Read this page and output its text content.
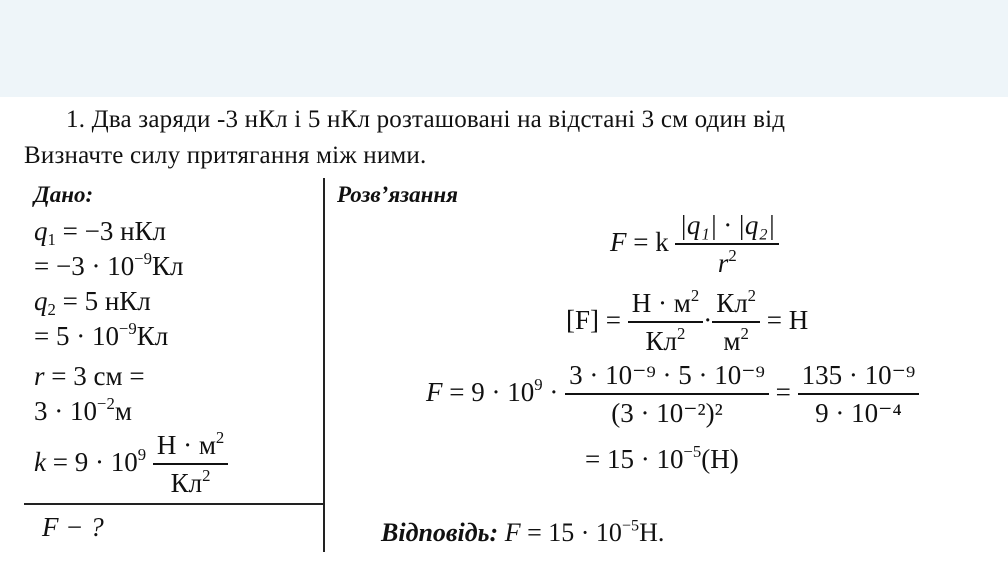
1. Два заряди -3 нКл і 5 нКл розташовані на відстані 3 см один від
Визначте силу притягання між ними.
Дано:
$q_1 = -3$ нКл
= $-3 \cdot 10^{-9}Кл$
$q_2 = 5$ нКл
= $5 \cdot 10^{-9}Кл$
r = 3 см =
$3 \cdot 10^{-2}м$
$k = 9 \cdot 10^9 \frac{Н \cdot м^2}{Кл^2}$
F − ?
Розв’язання
F = k $\frac{\text{|q₁| · |q₂|}}{r^2}$
$[F] = \frac{Н \cdot м^2}{Кл^2} \cdot \frac{Кл^2}{м^2} = Н$
$F = 9 \cdot 10^9 \cdot \frac{\text{3 · 10⁻⁹ · 5 · 10⁻⁹}}{\text{(3 · 10⁻²)²}} = \frac{\text{135 · 10⁻⁹}}{\text{9 · 10⁻⁴}}$
= $15 \cdot 10^{-5}(Н)$
Відповідь: $F = 15 \cdot 10^{-5}Н$.
